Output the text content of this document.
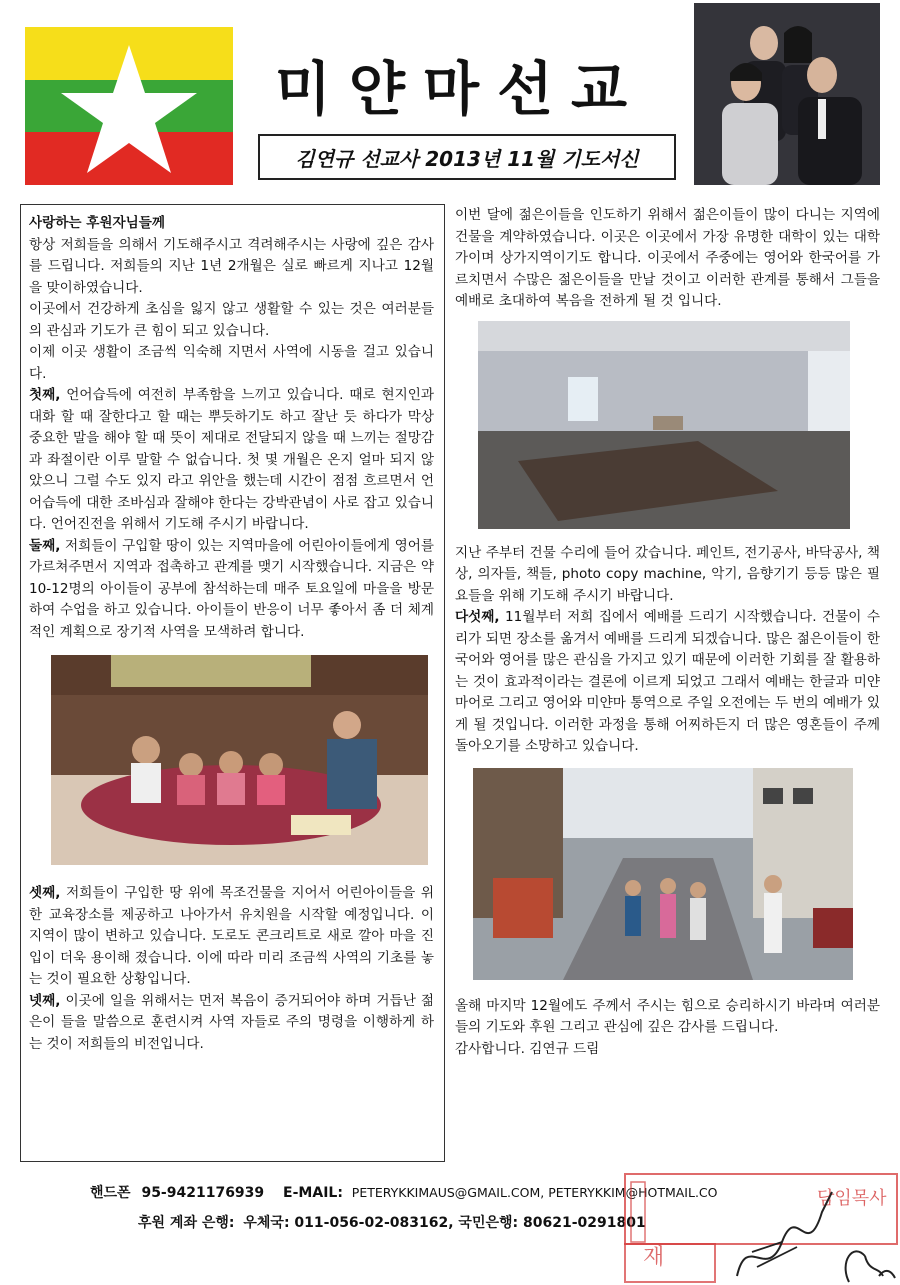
미얀마선교
김연규 선교사 2013년 11월 기도서신

사랑하는 후원자님들께

항상 저희들을 의해서 기도해주시고 격려해주시는 사랑에 깊은 감사를 드립니다. 저희들의 지난 1년 2개월은 실로 빠르게 지나고 12월을 맞이하였습니다.

이곳에서 건강하게 초심을 잃지 않고 생활할 수 있는 것은 여러분들의 관심과 기도가 큰 힘이 되고 있습니다.

이제 이곳 생활이 조금씩 익숙해 지면서 사역에 시동을 걸고 있습니다.

첫째, 언어습득에 여전히 부족함을 느끼고 있습니다. 때로 현지인과 대화 할 때 잘한다고 할 때는 뿌듯하기도 하고 잘난 듯 하다가 막상 중요한 말을 해야 할 때 뜻이 제대로 전달되지 않을 때 느끼는 절망감과 좌절이란 이루 말할 수 없습니다. 첫 몇 개월은 온지 얼마 되지 않았으니 그럴 수도 있지 라고 위안을 했는데 시간이 점점 흐르면서 언어습득에 대한 조바심과 잘해야 한다는 강박관념이 사로 잡고 있습니다. 언어진전을 위해서 기도해 주시기 바랍니다.

둘째, 저희들이 구입할 땅이 있는 지역마을에 어린아이들에게 영어를 가르쳐주면서 지역과 접촉하고 관계를 맺기 시작했습니다. 지금은 약 10-12명의 아이들이 공부에 참석하는데 매주 토요일에 마을을 방문하여 수업을 하고 있습니다. 아이들이 반응이 너무 좋아서 좀 더 체계적인 계획으로 장기적 사역을 모색하려 합니다.

셋째, 저희들이 구입한 땅 위에 목조건물을 지어서 어린아이들을 위한 교육장소를 제공하고 나아가서 유치원을 시작할 예정입니다. 이 지역이 많이 변하고 있습니다. 도로도 콘크리트로 새로 깔아 마을 진입이 더욱 용이해 졌습니다. 이에 따라 미리 조금씩 사역의 기초를 놓는 것이 필요한 상황입니다.

넷째, 이곳에 일을 위해서는 먼저 복음이 증거되어야 하며 거듭난 젊은이 들을 말씀으로 훈련시켜 사역 자들로 주의 명령을 이행하게 하는 것이 저희들의 비전입니다.

이번 달에 젊은이들을 인도하기 위해서 젊은이들이 많이 다니는 지역에 건물을 계약하였습니다. 이곳은 이곳에서 가장 유명한 대학이 있는 대학가이며 상가지역이기도 합니다. 이곳에서 주중에는 영어와 한국어를 가르치면서 수많은 젊은이들을 만날 것이고 이러한 관계를 통해서 그들을 예배로 초대하여 복음을 전하게 될 것 입니다.

지난 주부터 건물 수리에 들어 갔습니다. 페인트, 전기공사, 바닥공사, 책상, 의자들, 책들, photo copy machine, 악기, 음향기기 등등 많은 필요들을 위해 기도해 주시기 바랍니다.

다섯째, 11월부터 저희 집에서 예배를 드리기 시작했습니다. 건물이 수리가 되면 장소를 옮겨서 예배를 드리게 되겠습니다. 많은 젊은이들이 한국어와 영어를 많은 관심을 가지고 있기 때문에 이러한 기회를 잘 활용하는 것이 효과적이라는 결론에 이르게 되었고 그래서 예배는 한글과 미얀마어로 그리고 영어와 미얀마 통역으로 주일 오전에는 두 번의 예배가 있게 될 것입니다. 이러한 과정을 통해 어찌하든지 더 많은 영혼들이 주께 돌아오기를 소망하고 있습니다.

올해 마지막 12월에도 주께서 주시는 힘으로 승리하시기 바라며 여러분들의 기도와 후원 그리고 관심에 깊은 감사를 드립니다.

감사합니다. 김연규 드림

핸드폰 95-9421176939 E-MAIL: PETERYKKIMAUS@GMAIL.COM, PETERYKKIM@HOTMAIL.CO
후원 계좌 은행: 우체국: 011-056-02-083162, 국민은행: 80621-0291801
담임목사
재
